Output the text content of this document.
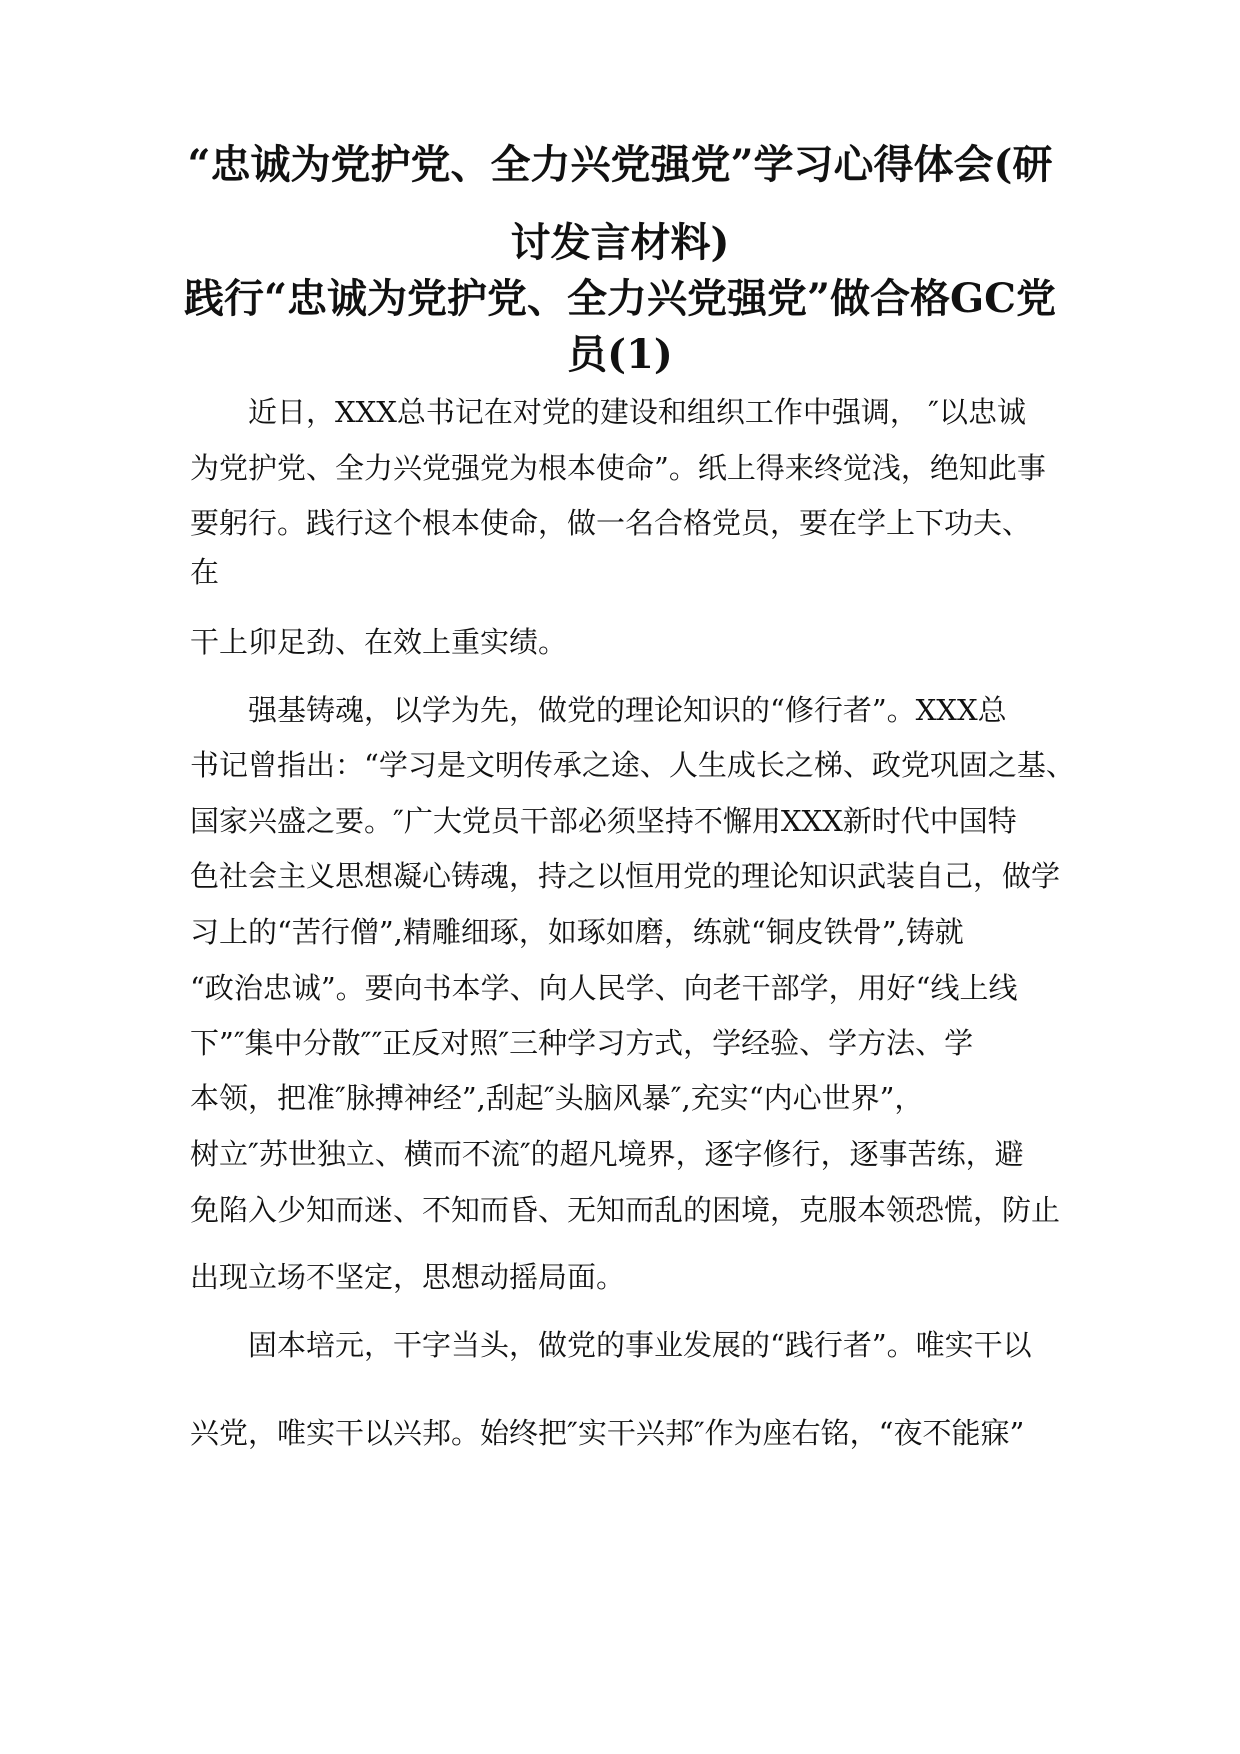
“忠诚为党护党、全力兴党强党”学习心得体会(研
讨发言材料)
践行“忠诚为党护党、全力兴党强党”做合格GC党
员(1)
近日，XXX总书记在对党的建设和组织工作中强调， ″以忠诚
为党护党、全力兴党强党为根本使命”。纸上得来终觉浅，绝知此事
要躬行。践行这个根本使命，做一名合格党员，要在学上下功夫、
在
干上卯足劲、在效上重实绩。
强基铸魂，以学为先，做党的理论知识的“修行者”。XXX总
书记曾指出：“学习是文明传承之途、人生成长之梯、政党巩固之基、
国家兴盛之要。″广大党员干部必须坚持不懈用XXX新时代中国特
色社会主义思想凝心铸魂，持之以恒用党的理论知识武装自己，做学
习上的“苦行僧”,精雕细琢，如琢如磨，练就“铜皮铁骨”,铸就
“政治忠诚”。要向书本学、向人民学、向老干部学，用好“线上线
下”″集中分散″″正反对照″三种学习方式，学经验、学方法、学
本领，把准″脉搏神经”,刮起″头脑风暴″,充实“内心世界”，
树立″苏世独立、横而不流″的超凡境界，逐字修行，逐事苦练，避
免陷入少知而迷、不知而昏、无知而乱的困境，克服本领恐慌，防止
出现立场不坚定，思想动摇局面。
固本培元，干字当头，做党的事业发展的“践行者”。唯实干以
兴党，唯实干以兴邦。始终把″实干兴邦″作为座右铭，“夜不能寐”
